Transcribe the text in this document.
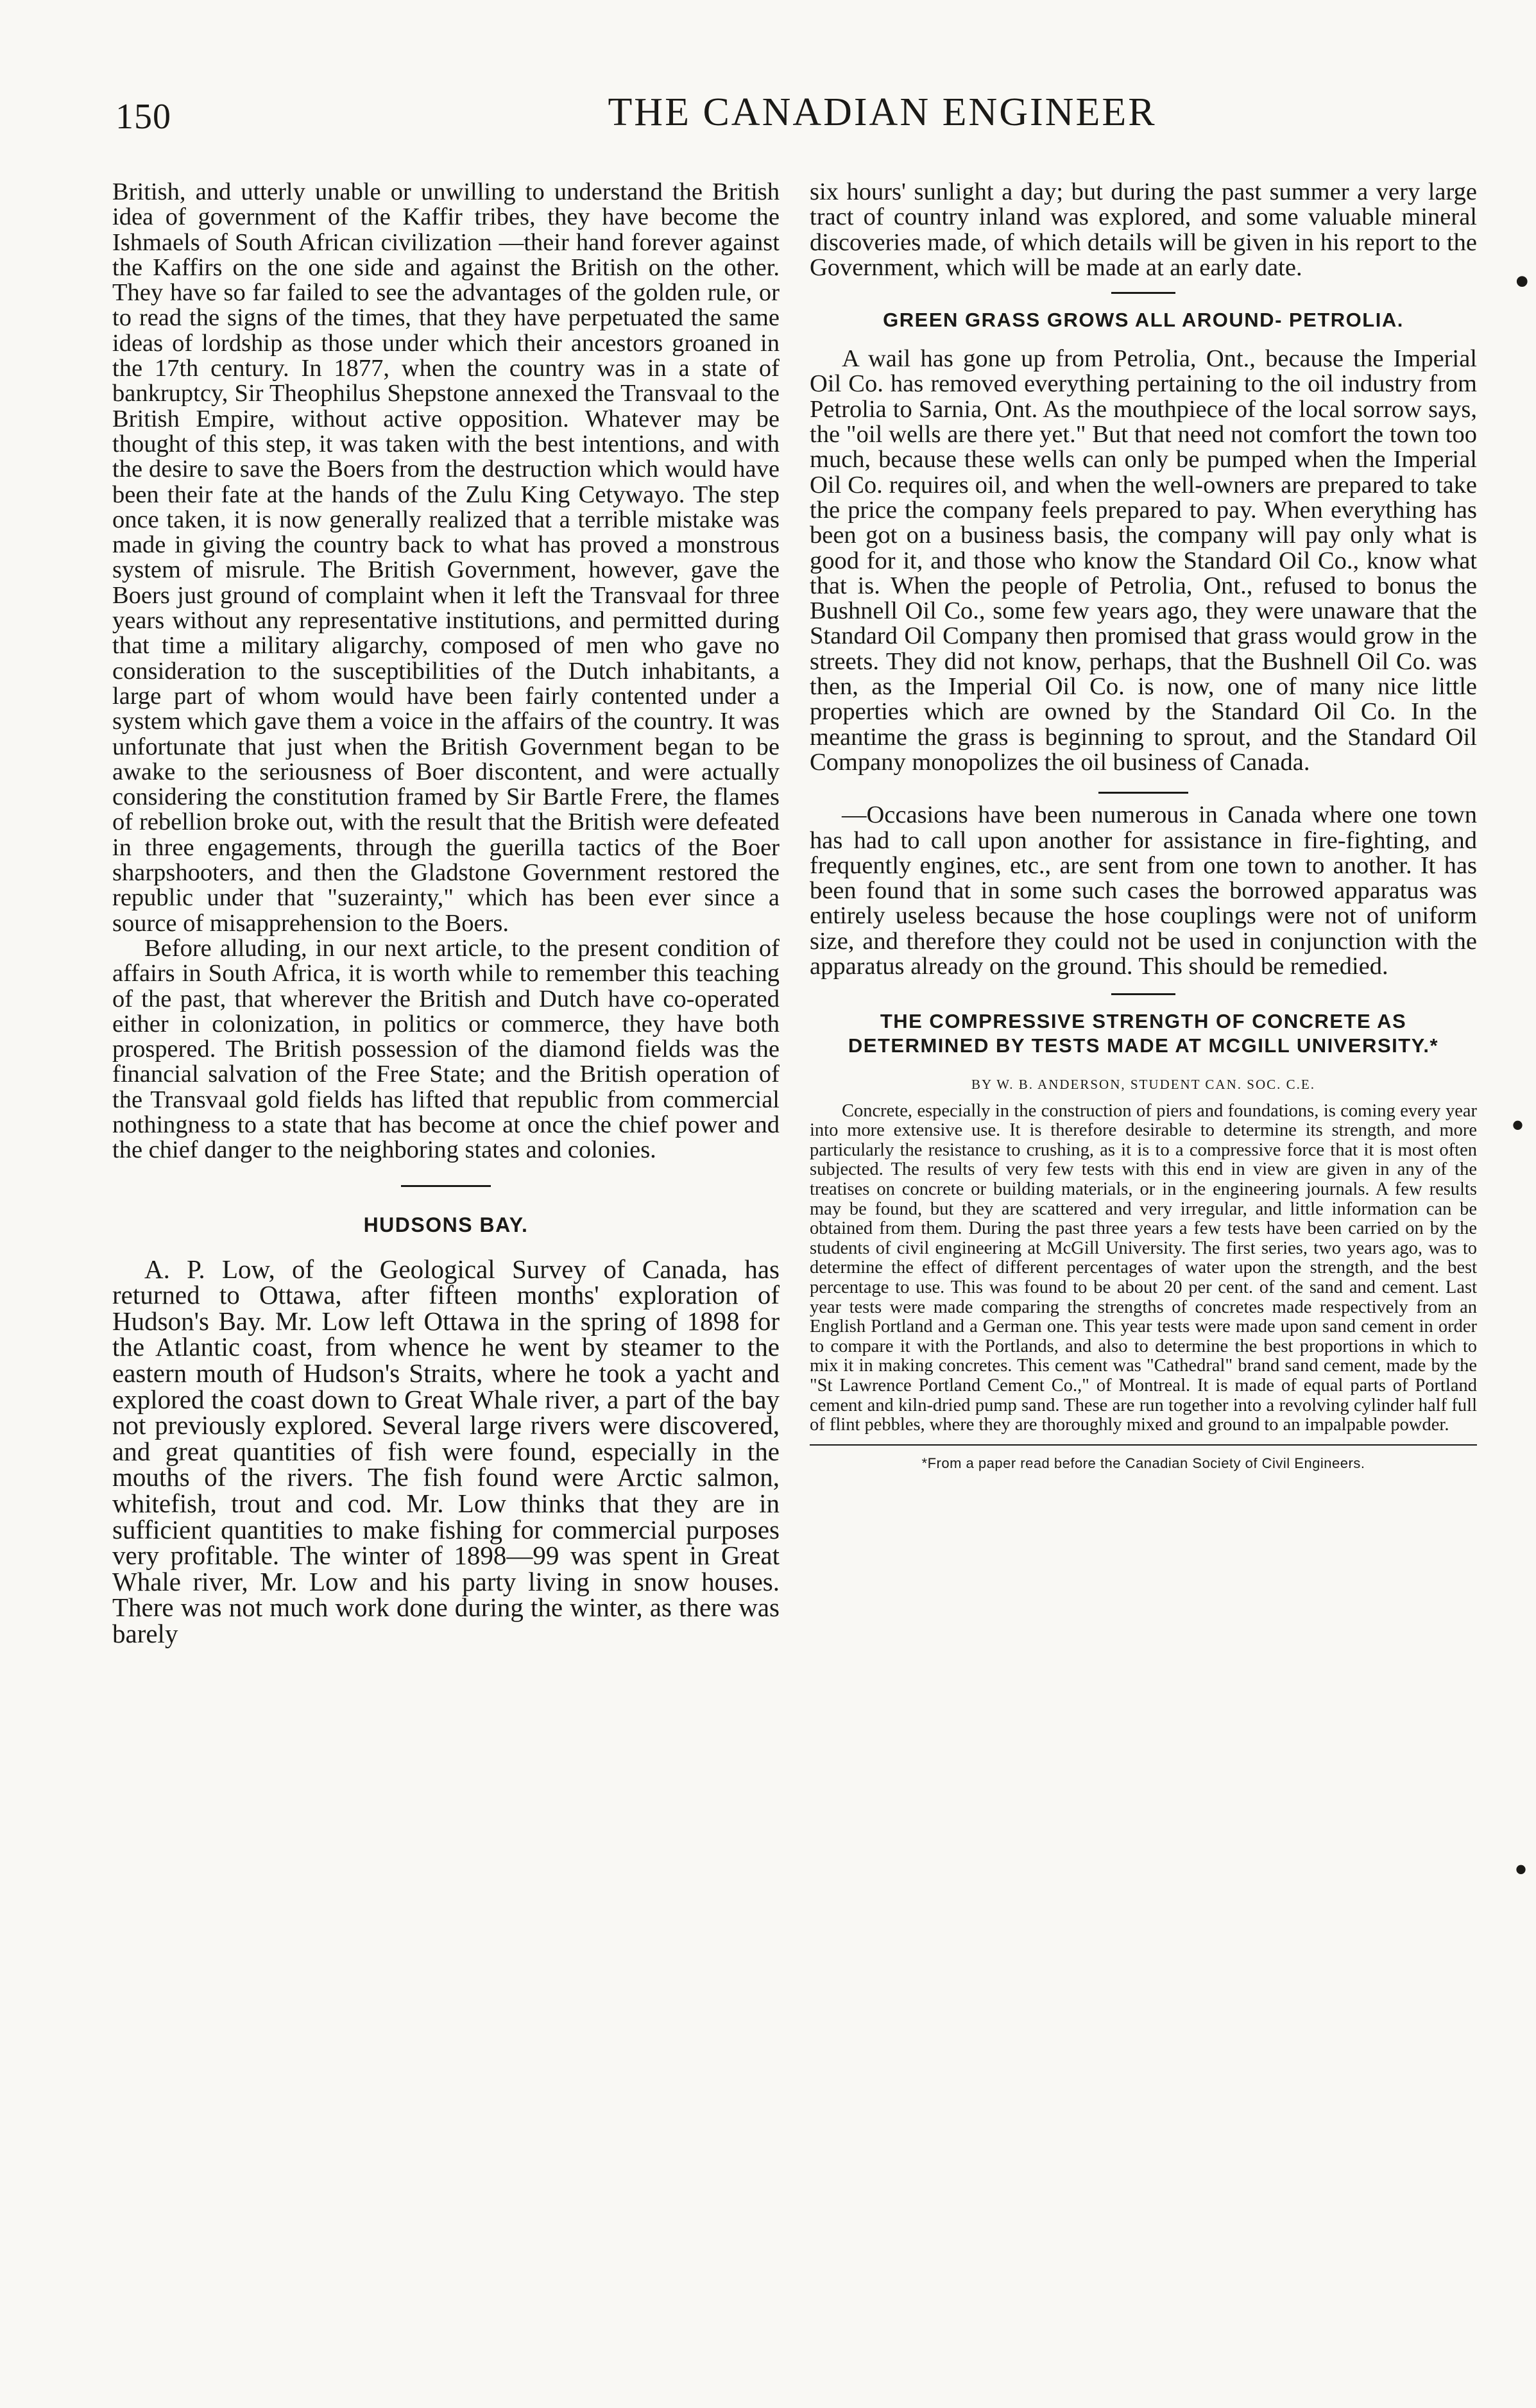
150	THE CANADIAN ENGINEER

British, and utterly unable or unwilling to understand the British idea of government of the Kaffir tribes, they have become the Ishmaels of South African civilization —their hand forever against the Kaffirs on the one side and against the British on the other. They have so far failed to see the advantages of the golden rule, or to read the signs of the times, that they have perpetuated the same ideas of lordship as those under which their ancestors groaned in the 17th century. In 1877, when the country was in a state of bankruptcy, Sir Theophilus Shepstone annexed the Transvaal to the British Empire, without active opposition. Whatever may be thought of this step, it was taken with the best intentions, and with the desire to save the Boers from the destruction which would have been their fate at the hands of the Zulu King Cetywayo. The step once taken, it is now generally realized that a terrible mistake was made in giving the country back to what has proved a monstrous system of misrule. The British Government, however, gave the Boers just ground of complaint when it left the Transvaal for three years without any representative institutions, and permitted during that time a military aligarchy, composed of men who gave no consideration to the susceptibilities of the Dutch inhabitants, a large part of whom would have been fairly contented under a system which gave them a voice in the affairs of the country. It was unfortunate that just when the British Government began to be awake to the seriousness of Boer discontent, and were actually considering the constitution framed by Sir Bartle Frere, the flames of rebellion broke out, with the result that the British were defeated in three engagements, through the guerilla tactics of the Boer sharpshooters, and then the Gladstone Government restored the republic under that "suzerainty," which has been ever since a source of misapprehension to the Boers.

Before alluding, in our next article, to the present condition of affairs in South Africa, it is worth while to remember this teaching of the past, that wherever the British and Dutch have co-operated either in colonization, in politics or commerce, they have both prospered. The British possession of the diamond fields was the financial salvation of the Free State; and the British operation of the Transvaal gold fields has lifted that republic from commercial nothingness to a state that has become at once the chief power and the chief danger to the neighboring states and colonies.

HUDSONS BAY.

A. P. Low, of the Geological Survey of Canada, has returned to Ottawa, after fifteen months' exploration of Hudson's Bay. Mr. Low left Ottawa in the spring of 1898 for the Atlantic coast, from whence he went by steamer to the eastern mouth of Hudson's Straits, where he took a yacht and explored the coast down to Great Whale river, a part of the bay not previously explored. Several large rivers were discovered, and great quantities of fish were found, especially in the mouths of the rivers. The fish found were Arctic salmon, whitefish, trout and cod. Mr. Low thinks that they are in sufficient quantities to make fishing for commercial purposes very profitable. The winter of 1898—99 was spent in Great Whale river, Mr. Low and his party living in snow houses. There was not much work done during the winter, as there was barely

six hours' sunlight a day; but during the past summer a very large tract of country inland was explored, and some valuable mineral discoveries made, of which details will be given in his report to the Government, which will be made at an early date.

GREEN GRASS GROWS ALL AROUND- PETROLIA.

A wail has gone up from Petrolia, Ont., because the Imperial Oil Co. has removed everything pertaining to the oil industry from Petrolia to Sarnia, Ont. As the mouthpiece of the local sorrow says, the "oil wells are there yet." But that need not comfort the town too much, because these wells can only be pumped when the Imperial Oil Co. requires oil, and when the well-owners are prepared to take the price the company feels prepared to pay. When everything has been got on a business basis, the company will pay only what is good for it, and those who know the Standard Oil Co., know what that is. When the people of Petrolia, Ont., refused to bonus the Bushnell Oil Co., some few years ago, they were unaware that the Standard Oil Company then promised that grass would grow in the streets. They did not know, perhaps, that the Bushnell Oil Co. was then, as the Imperial Oil Co. is now, one of many nice little properties which are owned by the Standard Oil Co. In the meantime the grass is beginning to sprout, and the Standard Oil Company monopolizes the oil business of Canada.

—Occasions have been numerous in Canada where one town has had to call upon another for assistance in fire-fighting, and frequently engines, etc., are sent from one town to another. It has been found that in some such cases the borrowed apparatus was entirely useless because the hose couplings were not of uniform size, and therefore they could not be used in conjunction with the apparatus already on the ground. This should be remedied.

THE COMPRESSIVE STRENGTH OF CONCRETE AS DETERMINED BY TESTS MADE AT MCGILL UNIVERSITY.*
BY W. B. ANDERSON, STUDENT CAN. SOC. C.E.

Concrete, especially in the construction of piers and foundations, is coming every year into more extensive use. It is therefore desirable to determine its strength, and more particularly the resistance to crushing, as it is to a compressive force that it is most often subjected. The results of very few tests with this end in view are given in any of the treatises on concrete or building materials, or in the engineering journals. A few results may be found, but they are scattered and very irregular, and little information can be obtained from them. During the past three years a few tests have been carried on by the students of civil engineering at McGill University. The first series, two years ago, was to determine the effect of different percentages of water upon the strength, and the best percentage to use. This was found to be about 20 per cent. of the sand and cement. Last year tests were made comparing the strengths of concretes made respectively from an English Portland and a German one. This year tests were made upon sand cement in order to compare it with the Portlands, and also to determine the best proportions in which to mix it in making concretes. This cement was "Cathedral" brand sand cement, made by the "St Lawrence Portland Cement Co.," of Montreal. It is made of equal parts of Portland cement and kiln-dried pump sand. These are run together into a revolving cylinder half full of flint pebbles, where they are thoroughly mixed and ground to an impalpable powder.

*From a paper read before the Canadian Society of Civil Engineers.
•
•
•
